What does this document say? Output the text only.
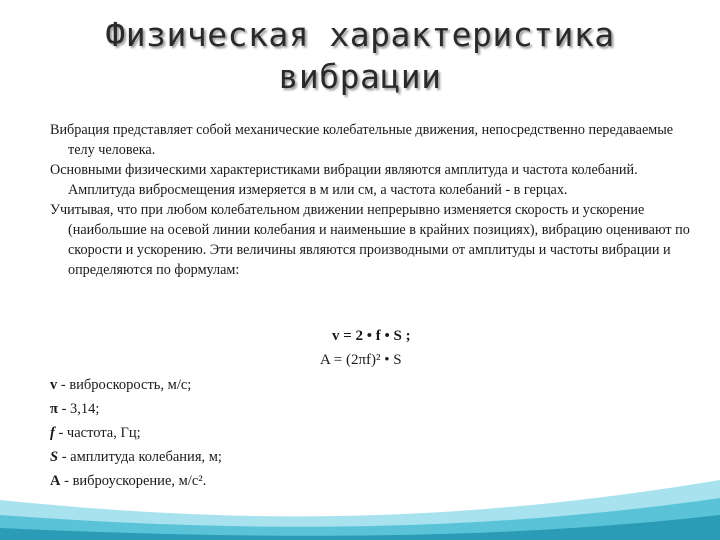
Физическая характеристика
вибрации

Вибрация представляет собой механические колебательные движения, непосредственно передаваемые телу человека.

Основными физическими характеристиками вибрации являются амплитуда и частота колебаний. Амплитуда виброcмещения измеряется в м или см, а частота колебаний - в герцах.

Учитывая, что при любом колебательном движении непрерывно изменяется скорость и ускорение (наибольшие на осевой линии колебания и наименьшие в крайних позициях), вибрацию оценивают по скорости и ускорению. Эти величины являются производными от амплитуды и частоты вибрации и определяются по формулам:

v = 2 • f • S ;
A = (2πf)² • S
v - виброскорость, м/с;
π - 3,14;
f - частота, Гц;
S - амплитуда колебания, м;
A - виброускорение, м/с².
